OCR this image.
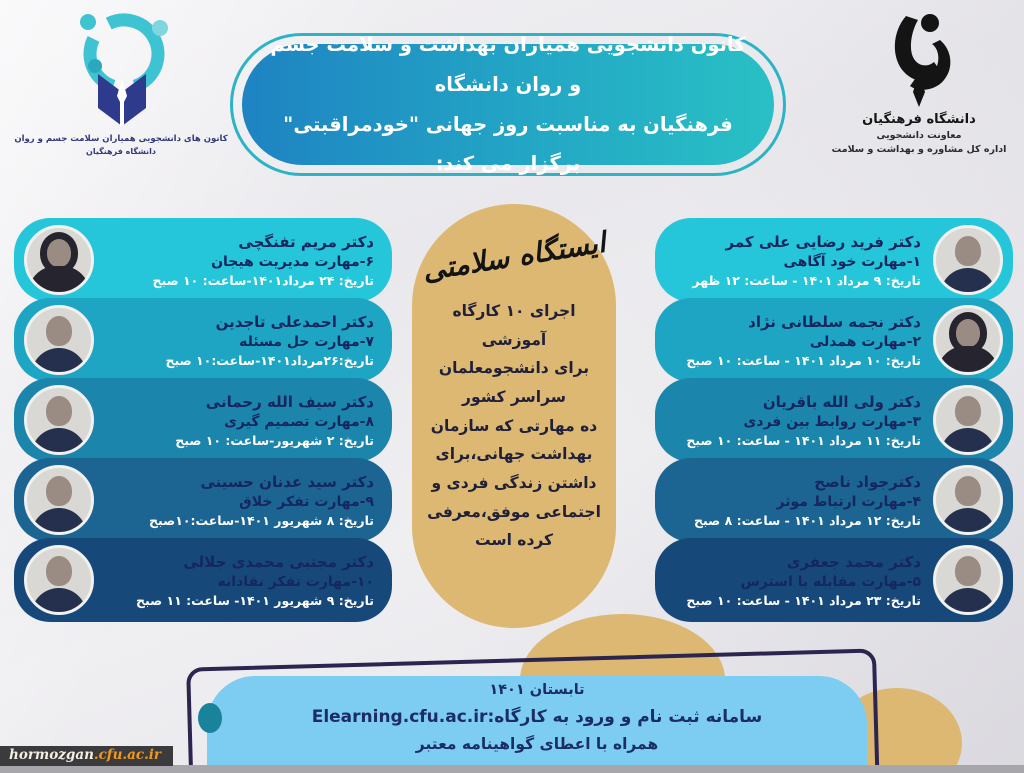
کانون های دانشجویی همیاران سلامت جسم و روان
دانشگاه فرهنگیان
کانون دانشجویی همیاران بهداشت و سلامت جسم و روان دانشگاه
فرهنگیان به مناسبت روز جهانی "خودمراقبتی" برگزار می کند:
دانشگاه فرهنگیان
معاونت دانشجویی
اداره کل مشاوره و بهداشت و سلامت
ایستگاه سلامتی
اجرای ۱۰ کارگاه آموزشی
برای دانشجومعلمان
سراسر کشور
ده مهارتی که سازمان
بهداشت جهانی،برای
داشتن زندگی فردی و
اجتماعی موفق،معرفی
کرده است
دکتر مریم تفنگچی
۶-مهارت مدیریت هیجان
تاریخ: ۲۴ مرداد۱۴۰۱-ساعت: ۱۰ صبح
دکتر احمدعلی تاجدین
۷-مهارت حل مسئله
تاریخ:۲۶مرداد۱۴۰۱-ساعت:۱۰ صبح
دکتر سیف الله رحمانی
۸-مهارت تصمیم گیری
تاریخ: ۲ شهریور-ساعت: ۱۰ صبح
دکتر سید عدنان حسینی
۹-مهارت تفکر خلاق
تاریخ: ۸ شهریور ۱۴۰۱-ساعت:۱۰صبح
دکتر مجتبی محمدی جلالی
۱۰-مهارت تفکر نقادانه
تاریخ: ۹ شهریور ۱۴۰۱- ساعت: ۱۱ صبح
دکتر فرید رضایی علی کمر
۱-مهارت خود آگاهی
تاریخ: ۹ مرداد ۱۴۰۱ - ساعت: ۱۲ ظهر
دکتر نجمه سلطانی نژاد
۲-مهارت همدلی
تاریخ: ۱۰ مرداد ۱۴۰۱ - ساعت: ۱۰ صبح
دکتر ولی الله باقریان
۳-مهارت روابط بین فردی
تاریخ: ۱۱ مرداد ۱۴۰۱ - ساعت: ۱۰ صبح
دکترجواد ناصح
۴-مهارت ارتباط موثر
تاریخ: ۱۲ مرداد ۱۴۰۱ - ساعت: ۸ صبح
دکتر محمد جعفری
۵-مهارت مقابله با استرس
تاریخ: ۲۳ مرداد ۱۴۰۱ - ساعت: ۱۰ صبح
تابستان ۱۴۰۱
سامانه ثبت نام و ورود به کارگاه:Elearning.cfu.ac.ir
همراه با اعطای گواهینامه معتبر
hormozgan.cfu.ac.ir
